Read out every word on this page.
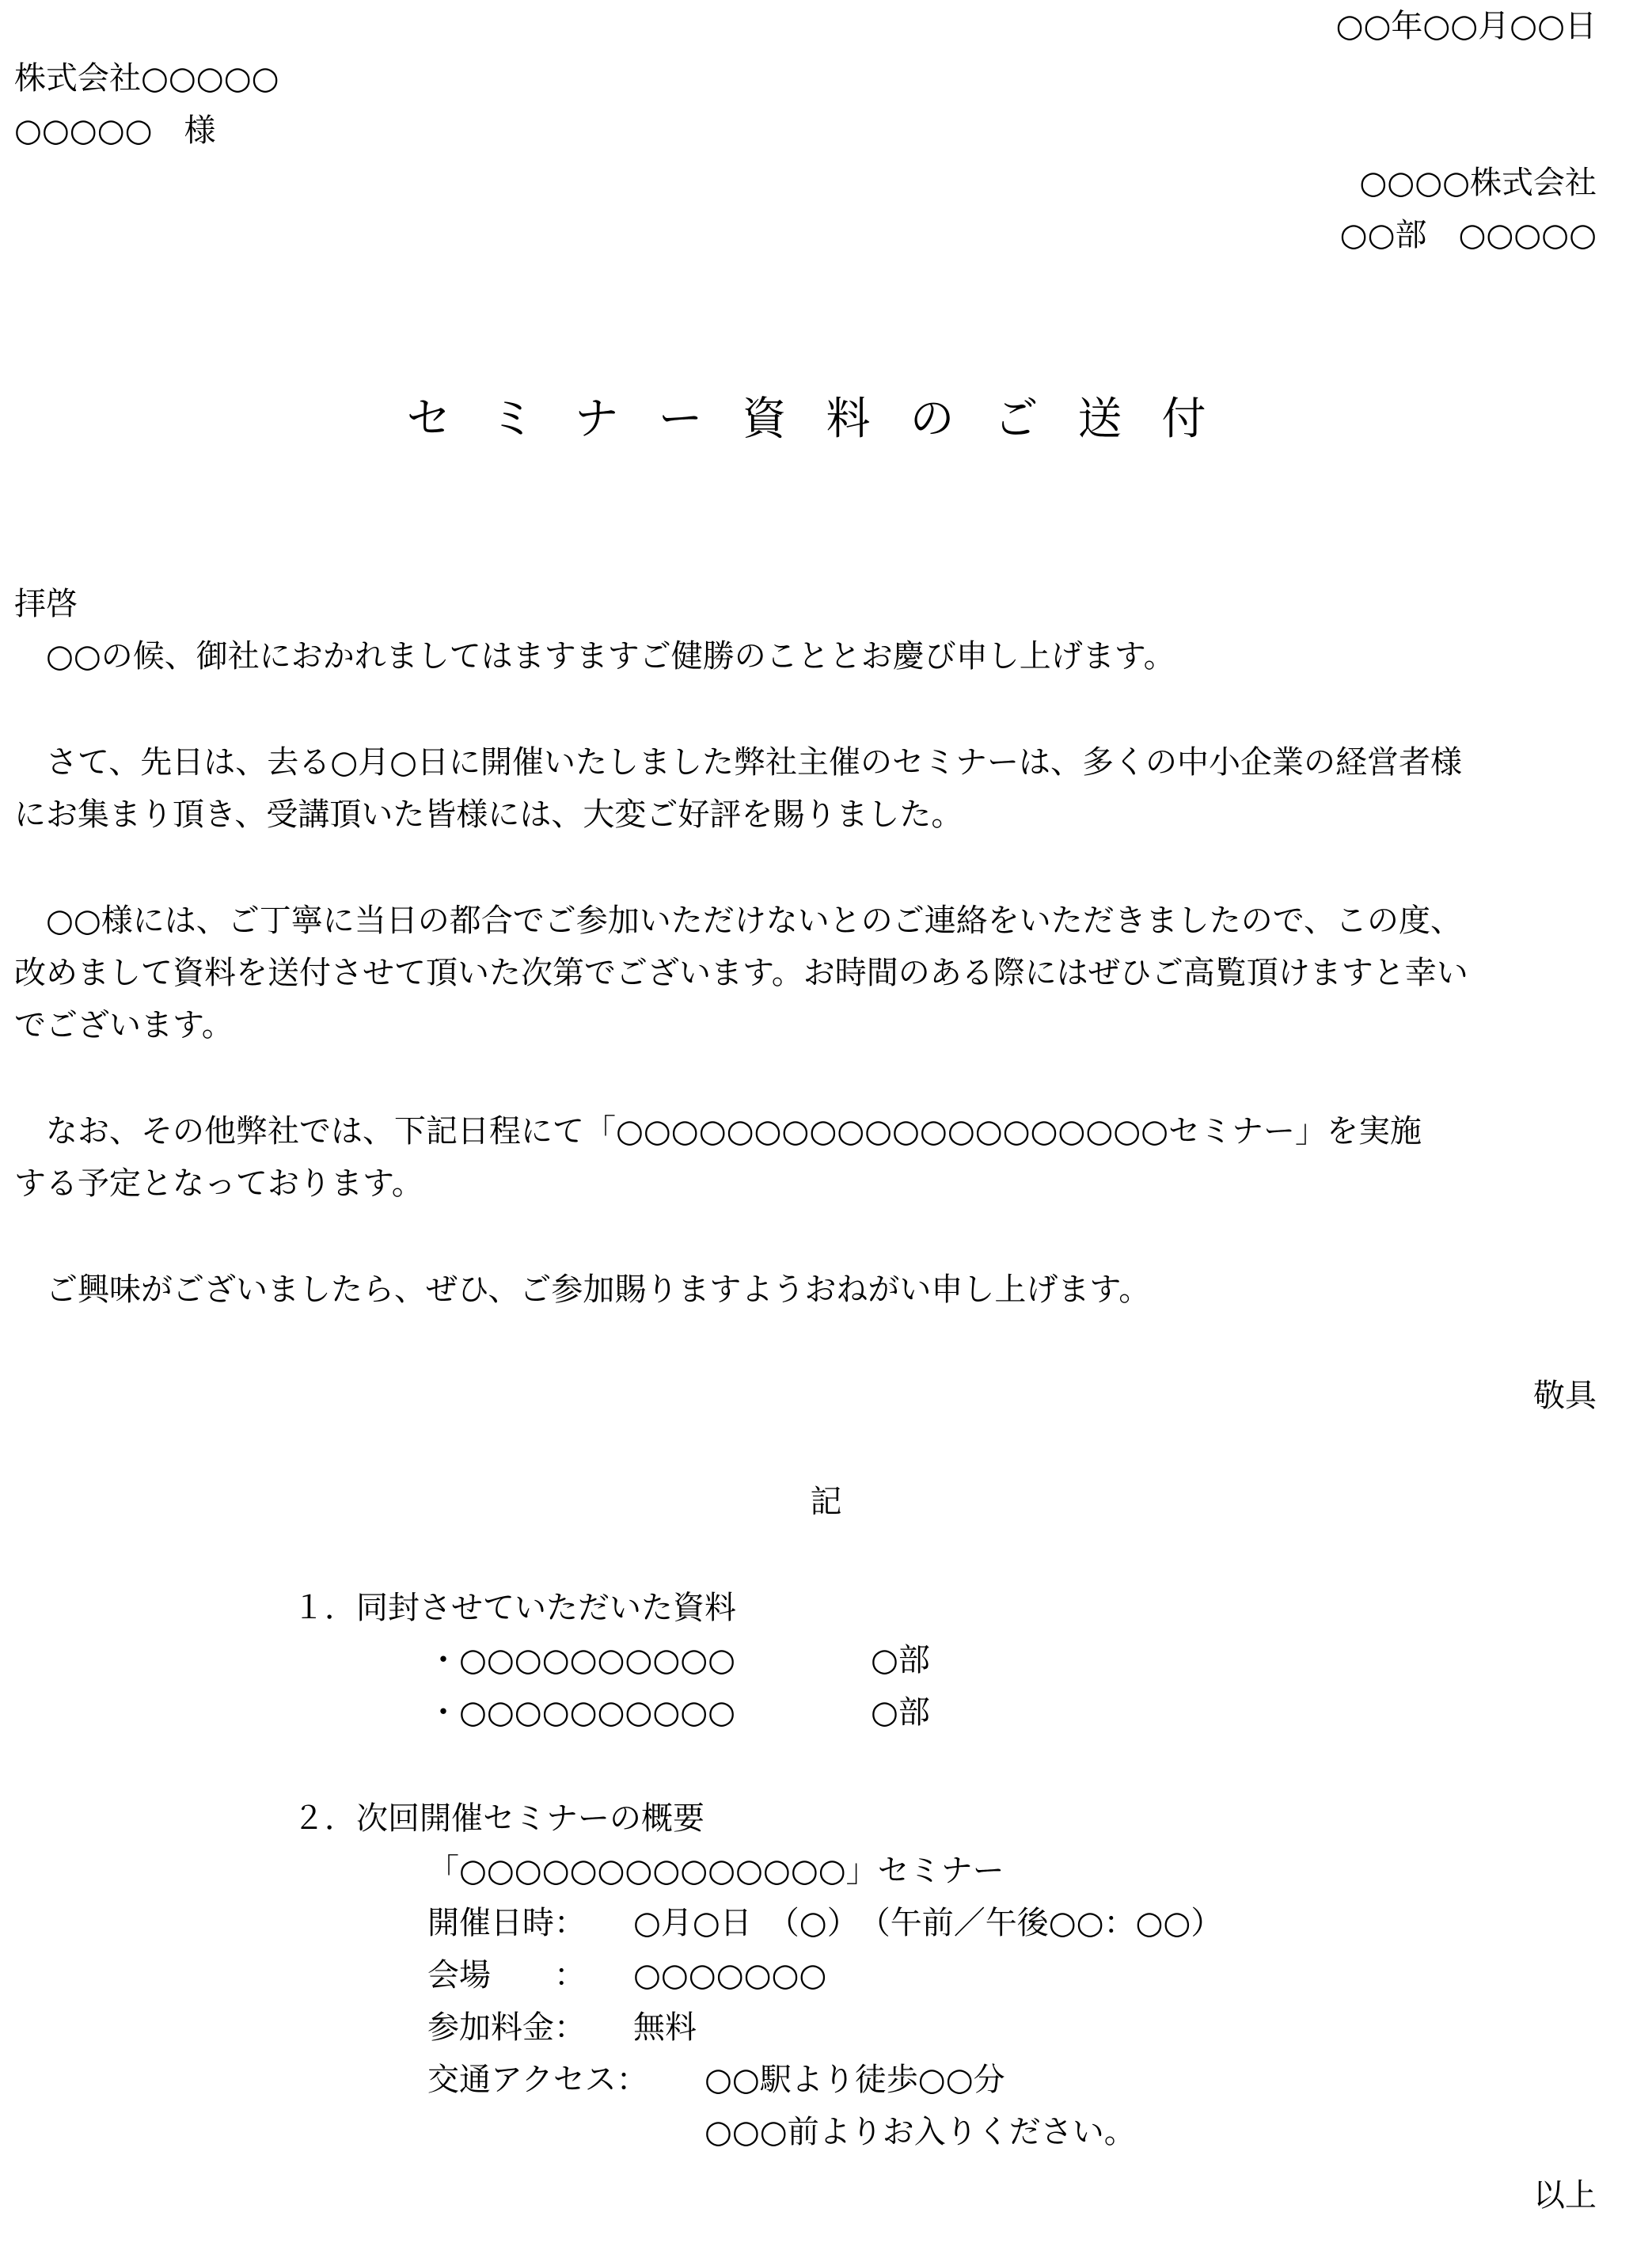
○○年○○月○○日
株式会社○○○○○
○○○○○　様
○○○○株式会社
○○部　○○○○○
セミナー資料のご送付
拝啓
　○○の候、御社におかれましてはますますご健勝のこととお慶び申し上げます。
　さて、先日は、去る○月○日に開催いたしました弊社主催のセミナーは、多くの中小企業の経営者様
にお集まり頂き、受講頂いた皆様には、大変ご好評を賜りました。
　○○様には、ご丁寧に当日の都合でご参加いただけないとのご連絡をいただきましたので、この度、
改めまして資料を送付させて頂いた次第でございます。お時間のある際にはぜひご高覧頂けますと幸い
でございます。
　なお、その他弊社では、下記日程にて「○○○○○○○○○○○○○○○○○○○○セミナー」を実施
する予定となっております。
　ご興味がございましたら、ぜひ、ご参加賜りますようおねがい申し上げます。
敬具
記
１．同封させていただいた資料
・○○○○○○○○○○	○部
・○○○○○○○○○○	○部
２．次回開催セミナーの概要
「○○○○○○○○○○○○○○」セミナー
開催日時： ○月○日　（○）　（午前／午後○○：○○）
会場　　： ○○○○○○○
参加料金： 無料
交通アクセス： ○○駅より徒歩○○分
○○○前よりお入りください。
以上
